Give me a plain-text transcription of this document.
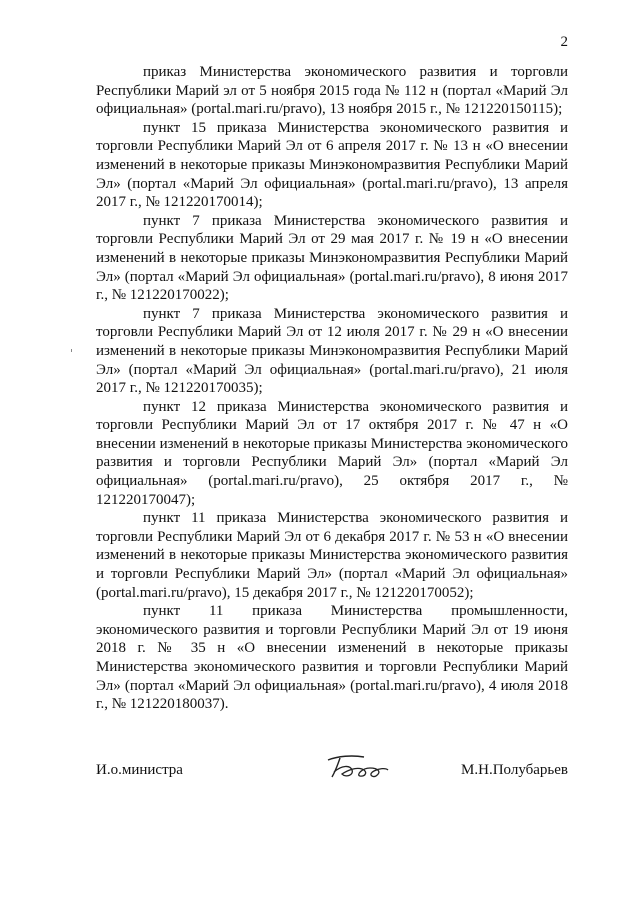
2

приказ Министерства экономического развития и торговли Республики Марий эл от 5 ноября 2015 года № 112 н (портал «Марий Эл официальная» (portal.mari.ru/pravo), 13 ноября 2015 г., № 121220150115);

пункт 15 приказа Министерства экономического развития и торговли Республики Марий Эл от 6 апреля 2017 г. № 13 н «О внесении изменений в некоторые приказы Минэкономразвития Республики Марий Эл» (портал «Марий Эл официальная» (portal.mari.ru/pravo), 13 апреля 2017 г., № 121220170014);

пункт 7 приказа Министерства экономического развития и торговли Республики Марий Эл от 29 мая 2017 г. № 19 н «О внесении изменений в некоторые приказы Минэкономразвития Республики Марий Эл» (портал «Марий Эл официальная» (portal.mari.ru/pravo), 8 июня 2017 г., № 121220170022);

пункт 7 приказа Министерства экономического развития и торговли Республики Марий Эл от 12 июля 2017 г. № 29 н «О внесении изменений в некоторые приказы Минэкономразвития Республики Марий Эл» (портал «Марий Эл официальная» (portal.mari.ru/pravo), 21 июля 2017 г., № 121220170035);

пункт 12 приказа Министерства экономического развития и торговли Республики Марий Эл от 17 октября 2017 г. № 47 н «О внесении изменений в некоторые приказы Министерства экономического развития и торговли Республики Марий Эл» (портал «Марий Эл официальная» (portal.mari.ru/pravo), 25 октября 2017 г., № 121220170047);

пункт 11 приказа Министерства экономического развития и торговли Республики Марий Эл от 6 декабря 2017 г. № 53 н «О внесении изменений в некоторые приказы Министерства экономического развития и торговли Республики Марий Эл» (портал «Марий Эл официальная» (portal.mari.ru/pravo), 15 декабря 2017 г., № 121220170052);

пункт 11 приказа Министерства промышленности, экономического развития и торговли Республики Марий Эл от 19 июня 2018 г. № 35 н «О внесении изменений в некоторые приказы Министерства экономического развития и торговли Республики Марий Эл» (портал «Марий Эл официальная» (portal.mari.ru/pravo), 4 июля 2018 г., № 121220180037).

И.о.министра	М.Н.Полубарьев
